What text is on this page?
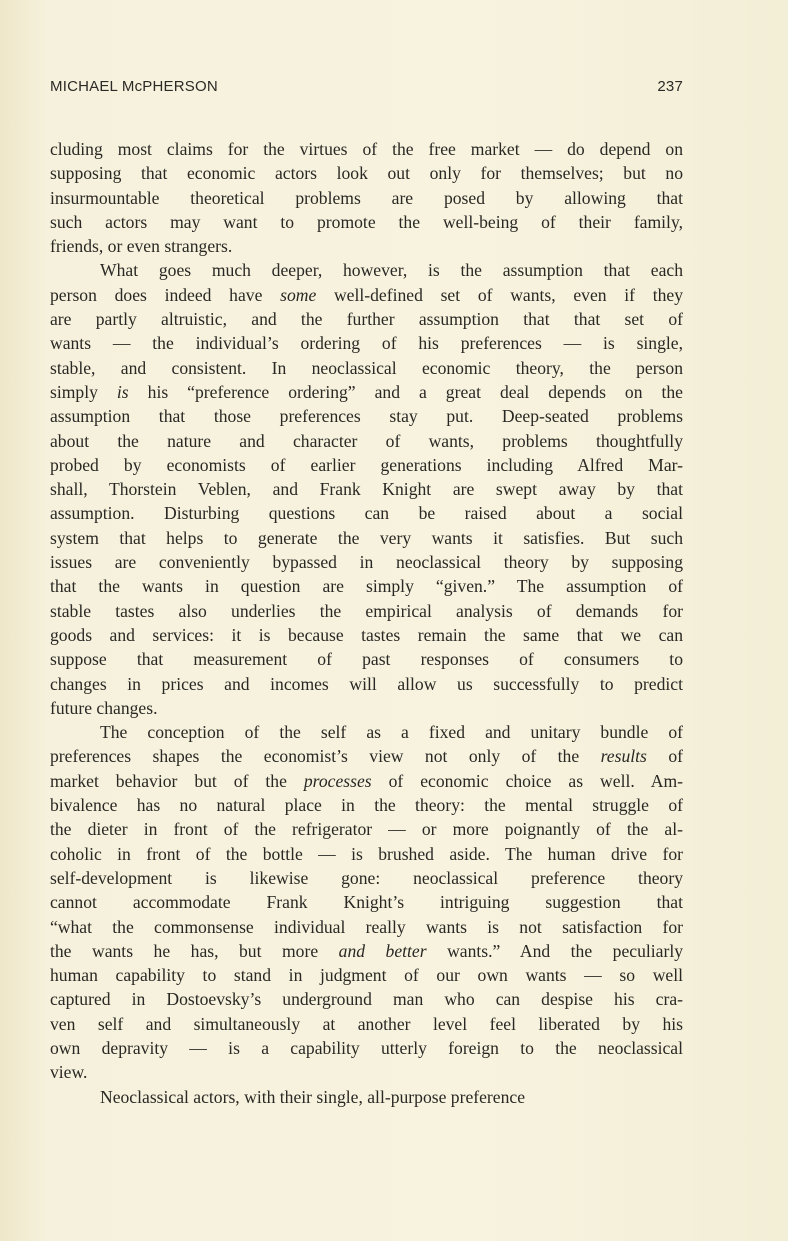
MICHAEL McPHERSON	237
cluding most claims for the virtues of the free market — do depend on
supposing that economic actors look out only for themselves; but no
insurmountable theoretical problems are posed by allowing that
such actors may want to promote the well-being of their family,
friends, or even strangers.
What goes much deeper, however, is the assumption that each
person does indeed have some well-defined set of wants, even if they
are partly altruistic, and the further assumption that that set of
wants — the individual’s ordering of his preferences — is single,
stable, and consistent. In neoclassical economic theory, the person
simply is his “preference ordering” and a great deal depends on the
assumption that those preferences stay put. Deep-seated problems
about the nature and character of wants, problems thoughtfully
probed by economists of earlier generations including Alfred Mar-
shall, Thorstein Veblen, and Frank Knight are swept away by that
assumption. Disturbing questions can be raised about a social
system that helps to generate the very wants it satisfies. But such
issues are conveniently bypassed in neoclassical theory by supposing
that the wants in question are simply “given.” The assumption of
stable tastes also underlies the empirical analysis of demands for
goods and services: it is because tastes remain the same that we can
suppose that measurement of past responses of consumers to
changes in prices and incomes will allow us successfully to predict
future changes.
The conception of the self as a fixed and unitary bundle of
preferences shapes the economist’s view not only of the results of
market behavior but of the processes of economic choice as well. Am-
bivalence has no natural place in the theory: the mental struggle of
the dieter in front of the refrigerator — or more poignantly of the al-
coholic in front of the bottle — is brushed aside. The human drive for
self-development is likewise gone: neoclassical preference theory
cannot accommodate Frank Knight’s intriguing suggestion that
“what the commonsense individual really wants is not satisfaction for
the wants he has, but more and better wants.” And the peculiarly
human capability to stand in judgment of our own wants — so well
captured in Dostoevsky’s underground man who can despise his cra-
ven self and simultaneously at another level feel liberated by his
own depravity — is a capability utterly foreign to the neoclassical
view.
Neoclassical actors, with their single, all-purpose preference
